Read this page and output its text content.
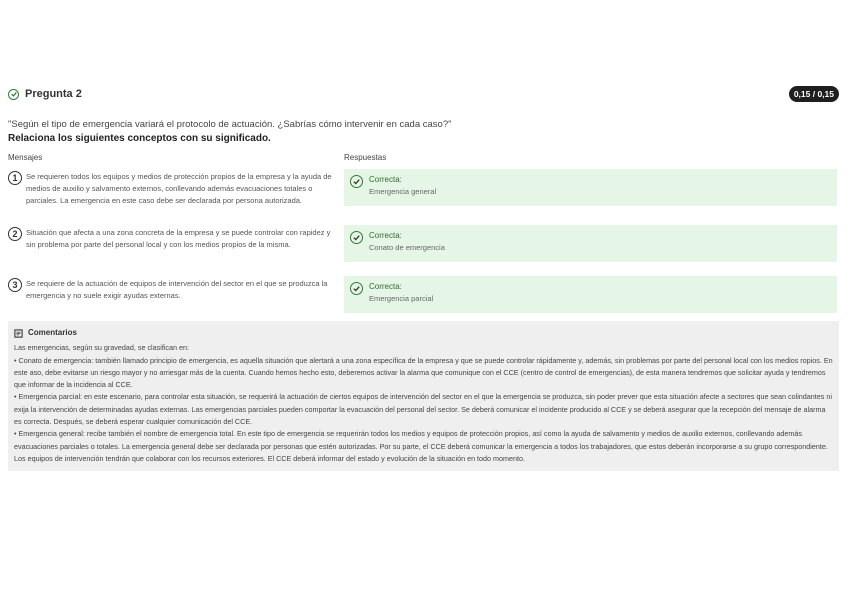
Pregunta 2	0,15 / 0,15
"Según el tipo de emergencia variará el protocolo de actuación. ¿Sabrías cómo intervenir en cada caso?"
Relaciona los siguientes conceptos con su significado.
Mensajes	Respuestas
1	Se requieren todos los equipos y medios de protección propios de la empresa y la ayuda de medios de auxilio y salvamento externos, conllevando además evacuaciones totales o parciales. La emergencia en este caso debe ser declarada por persona autorizada.
Correcta:
Emergencia general
2	Situación que afecta a una zona concreta de la empresa y se puede controlar con rapidez y sin problema por parte del personal local y con los medios propios de la misma.
Correcta:
Conato de emergencia
3	Se requiere de la actuación de equipos de intervención del sector en el que se produzca la emergencia y no suele exigir ayudas externas.
Correcta:
Emergencia parcial
Comentarios

Las emergencias, según su gravedad, se clasifican en:

• Conato de emergencia: también llamado principio de emergencia, es aquella situación que alertará a una zona específica de la empresa y que se puede controlar rápidamente y, además, sin problemas por parte del personal local con los medios ropios. En este aso, debe evitarse un riesgo mayor y no arriesgar más de la cuenta. Cuando hemos hecho esto, deberemos activar la alarma que comunique con el CCE (centro de control de emergencias), de esta manera tendremos que solicitar ayuda y tendremos que informar de la incidencia al CCE.

• Emergencia parcial: en este escenario, para controlar esta situación, se requerirá la actuación de ciertos equipos de intervención del sector en el que la emergencia se produzca, sin poder prever que esta situación afecte a sectores que sean colindantes ni exija la intervención de determinadas ayudas externas. Las emergencias parciales pueden comportar la evacuación del personal del sector. Se deberá comunicar el incidente producido al CCE y se deberá asegurar que la recepción del mensaje de alarma es correcta. Después, se deberá esperar cualquier comunicación del CCE.

• Emergencia general: recibe también el nombre de emergencia total. En este tipo de emergencia se requerirán todos los medios y equipos de protección propios, así como la ayuda de salvamento y medios de auxilio externos, conllevando además evacuaciones parciales o totales. La emergencia general debe ser declarada por personas que estén autorizadas. Por su parte, el CCE deberá comunicar la emergencia a todos los trabajadores, que estos deberán incorporarse a su grupo correspondiente. Los equipos de intervención tendrán que colaborar con los recursos exteriores. El CCE deberá informar del estado y evolución de la situación en todo momento.
